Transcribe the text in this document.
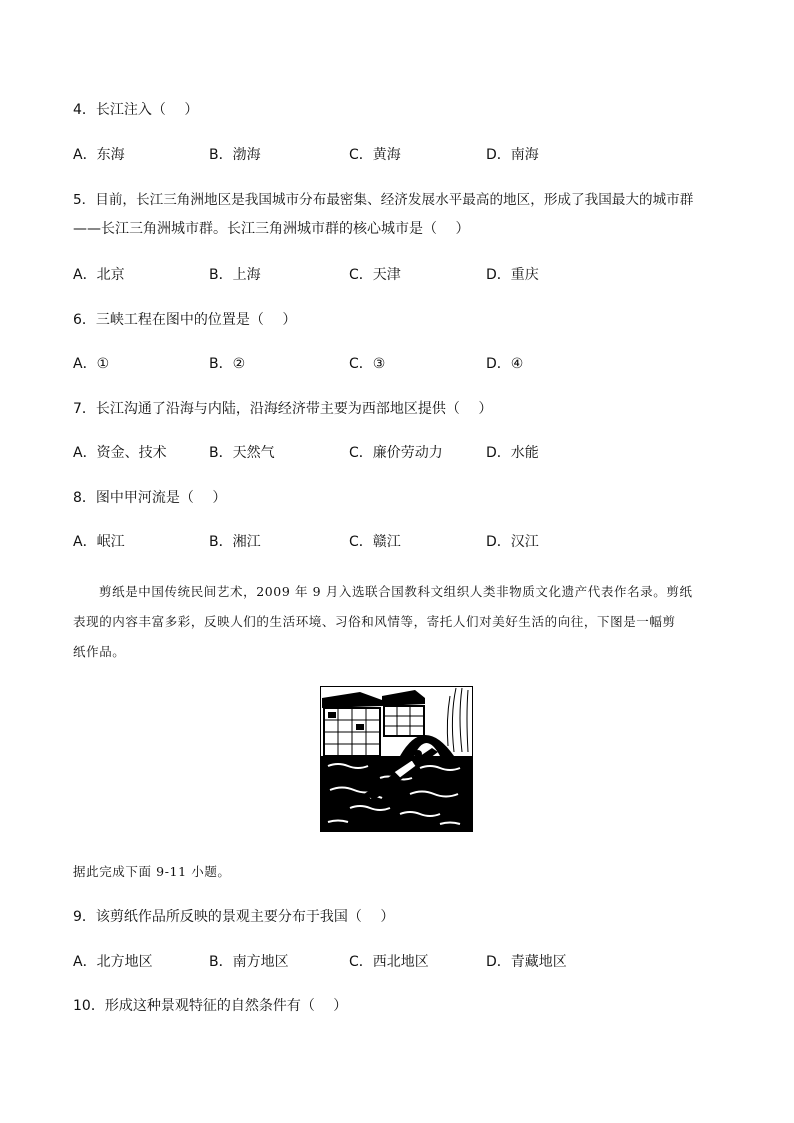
4．长江注入（　 ）
A．东海	B．渤海	C．黄海	D．南海
5．目前，长江三角洲地区是我国城市分布最密集、经济发展水平最高的地区，形成了我国最大的城市群
——长江三角洲城市群。长江三角洲城市群的核心城市是（　 ）
A．北京	B．上海	C．天津	D．重庆
6．三峡工程在图中的位置是（　 ）
A．①	B．②	C．③	D．④
7．长江沟通了沿海与内陆，沿海经济带主要为西部地区提供（　 ）
A．资金、技术	B．天然气	C．廉价劳动力	D．水能
8．图中甲河流是（　 ）
A．岷江	B．湘江	C．赣江	D．汉江
剪纸是中国传统民间艺术，2009 年 9 月入选联合国教科文组织人类非物质文化遗产代表作名录。剪纸
表现的内容丰富多彩，反映人们的生活环境、习俗和风情等，寄托人们对美好生活的向往，下图是一幅剪
纸作品。
据此完成下面 9-11 小题。
9．该剪纸作品所反映的景观主要分布于我国（　 ）
A．北方地区	B．南方地区	C．西北地区	D．青藏地区
10．形成这种景观特征的自然条件有（　 ）
